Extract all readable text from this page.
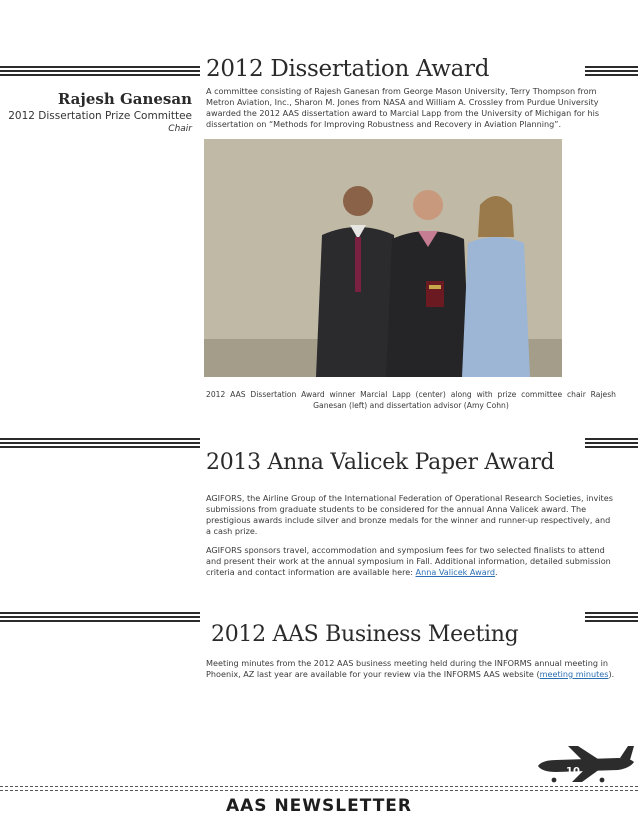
Rajesh Ganesan
2012 Dissertation Prize Committee
Chair
2012 Dissertation Award

A committee consisting of Rajesh Ganesan from George Mason University, Terry Thompson from Metron Aviation, Inc., Sharon M. Jones from NASA and William A. Crossley from Purdue University awarded the 2012 AAS dissertation award to Marcial Lapp from the University of Michigan for his dissertation on “Methods for Improving Robustness and Recovery in Aviation Planning”.

2012 AAS Dissertation Award winner Marcial Lapp (center) along with prize committee chair Rajesh Ganesan (left) and dissertation advisor (Amy Cohn)

2013 Anna Valicek Paper Award

AGIFORS, the Airline Group of the International Federation of Operational Research Societies, invites submissions from graduate students to be considered for the annual Anna Valicek award. The prestigious awards include silver and bronze medals for the winner and runner-up respectively, and a cash prize.

AGIFORS sponsors travel, accommodation and symposium fees for two selected finalists to attend and present their work at the annual symposium in Fall. Additional information, detailed submission criteria and contact information are available here: Anna Valicek Award.

2012 AAS Business Meeting

Meeting minutes from the 2012 AAS business meeting held during the INFORMS annual meeting in Phoenix, AZ last year are available for your review via the INFORMS AAS website (meeting minutes).

10
AAS NEWSLETTER
